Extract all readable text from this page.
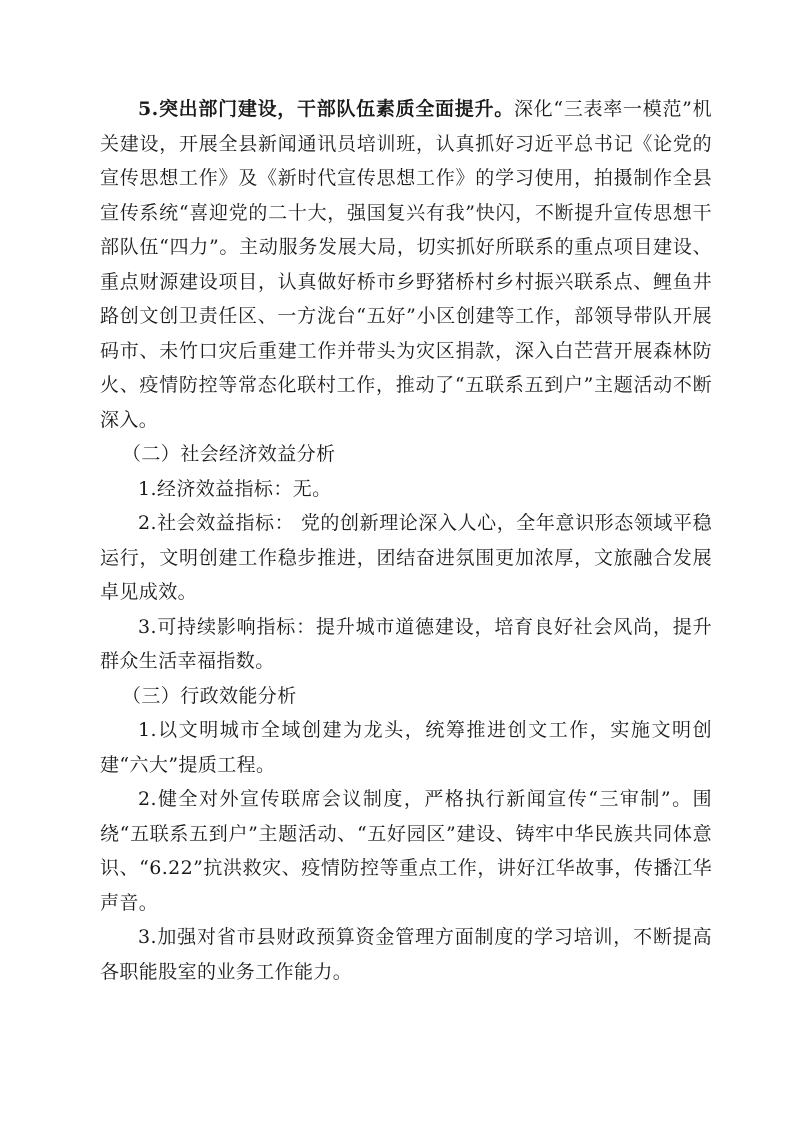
5.突出部门建设，干部队伍素质全面提升。深化“三表率一模范”机关建设，开展全县新闻通讯员培训班，认真抓好习近平总书记《论党的宣传思想工作》及《新时代宣传思想工作》的学习使用，拍摄制作全县宣传系统“喜迎党的二十大，强国复兴有我”快闪，不断提升宣传思想干部队伍“四力”。主动服务发展大局，切实抓好所联系的重点项目建设、重点财源建设项目，认真做好桥市乡野猪桥村乡村振兴联系点、鲤鱼井路创文创卫责任区、一方泷台“五好”小区创建等工作，部领导带队开展码市、未竹口灾后重建工作并带头为灾区捐款，深入白芒营开展森林防火、疫情防控等常态化联村工作，推动了“五联系五到户”主题活动不断深入。

（二）社会经济效益分析

1.经济效益指标：无。

2.社会效益指标： 党的创新理论深入人心，全年意识形态领域平稳运行，文明创建工作稳步推进，团结奋进氛围更加浓厚，文旅融合发展卓见成效。

3.可持续影响指标：提升城市道德建设，培育良好社会风尚，提升群众生活幸福指数。

（三）行政效能分析

1.以文明城市全域创建为龙头，统筹推进创文工作，实施文明创建“六大”提质工程。

2.健全对外宣传联席会议制度，严格执行新闻宣传“三审制”。围绕“五联系五到户”主题活动、“五好园区”建设、铸牢中华民族共同体意识、“6.22”抗洪救灾、疫情防控等重点工作，讲好江华故事，传播江华声音。

3.加强对省市县财政预算资金管理方面制度的学习培训，不断提高各职能股室的业务工作能力。
